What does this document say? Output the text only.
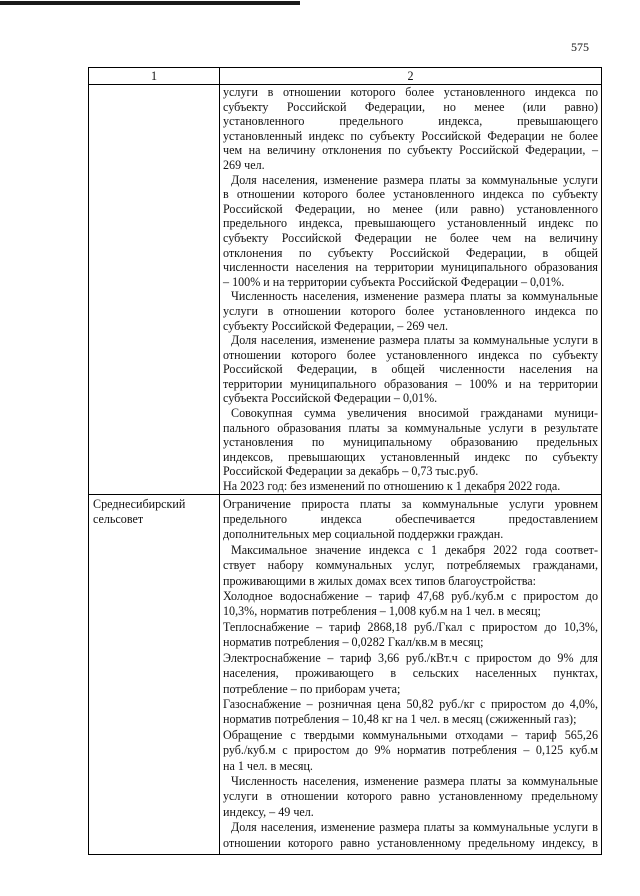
575
1	2
услуги в отношении которого более установленного индекса по
субъекту Российской Федерации, но менее (или равно)
установленного предельного индекса, превышающего
установленный индекс по субъекту Российской Федерации не более
чем на величину отклонения по субъекту Российской Федерации, –
269 чел.
Доля населения, изменение размера платы за коммунальные услуги
в отношении которого более установленного индекса по субъекту
Российской Федерации, но менее (или равно) установленного
предельного индекса, превышающего установленный индекс по
субъекту Российской Федерации не более чем на величину
отклонения по субъекту Российской Федерации, в общей
численности населения на территории муниципального образования
– 100% и на территории субъекта Российской Федерации – 0,01%.
Численность населения, изменение размера платы за коммунальные
услуги в отношении которого более установленного индекса по
субъекту Российской Федерации, – 269 чел.
Доля населения, изменение размера платы за коммунальные услуги в
отношении которого более установленного индекса по субъекту
Российской Федерации, в общей численности населения на
территории муниципального образования – 100% и на территории
субъекта Российской Федерации – 0,01%.
Совокупная сумма увеличения вносимой гражданами муници-
пального образования платы за коммунальные услуги в результате
установления по муниципальному образованию предельных
индексов, превышающих установленный индекс по субъекту
Российской Федерации за декабрь – 0,73 тыс.руб.
На 2023 год: без изменений по отношению к 1 декабря 2022 года.
Среднесибирский
сельсовет
Ограничение прироста платы за коммунальные услуги уровнем
предельного индекса обеспечивается предоставлением
дополнительных мер социальной поддержки граждан.
Максимальное значение индекса с 1 декабря 2022 года соответ-
ствует набору коммунальных услуг, потребляемых гражданами,
проживающими в жилых домах всех типов благоустройства:
Холодное водоснабжение – тариф 47,68 руб./куб.м с приростом до
10,3%, норматив потребления – 1,008 куб.м на 1 чел. в месяц;
Теплоснабжение – тариф 2868,18 руб./Гкал с приростом до 10,3%,
норматив потребления – 0,0282 Гкал/кв.м в месяц;
Электроснабжение – тариф 3,66 руб./кВт.ч с приростом до 9% для
населения, проживающего в сельских населенных пунктах,
потребление – по приборам учета;
Газоснабжение – розничная цена 50,82 руб./кг с приростом до 4,0%,
норматив потребления – 10,48 кг на 1 чел. в месяц (сжиженный газ);
Обращение с твердыми коммунальными отходами – тариф 565,26
руб./куб.м с приростом до 9% норматив потребления – 0,125 куб.м
на 1 чел. в месяц.
Численность населения, изменение размера платы за коммунальные
услуги в отношении которого равно установленному предельному
индексу, – 49 чел.
Доля населения, изменение размера платы за коммунальные услуги в
отношении которого равно установленному предельному индексу, в
